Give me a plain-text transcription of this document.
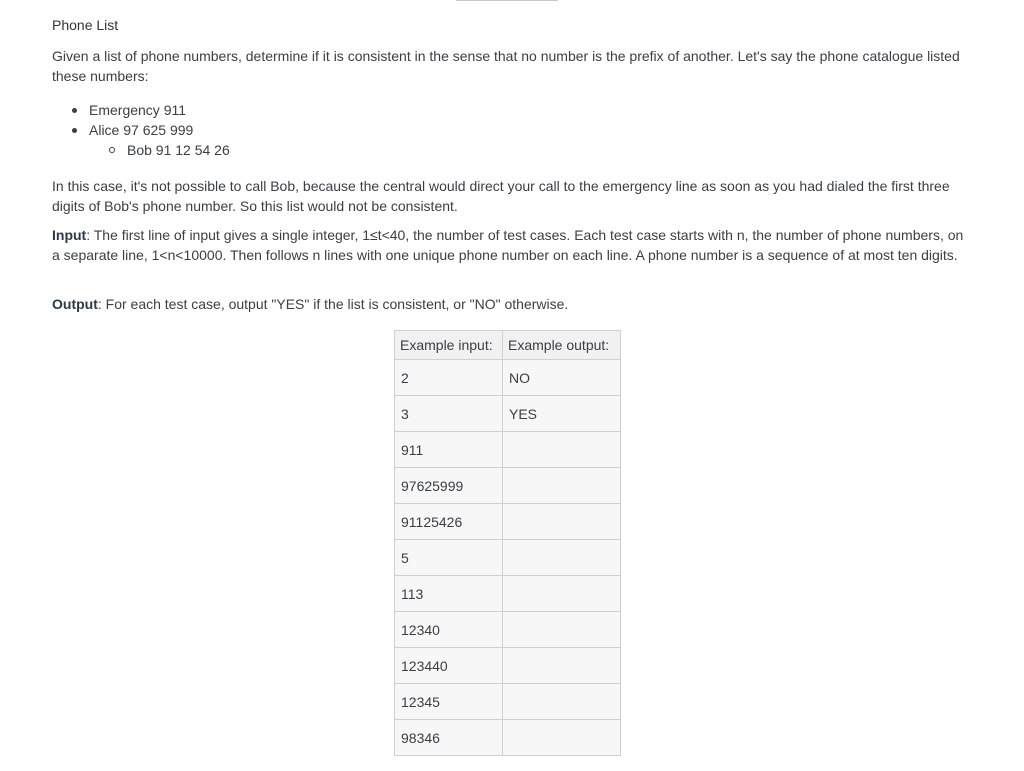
Phone List
Given a list of phone numbers, determine if it is consistent in the sense that no number is the prefix of another. Let's say the phone catalogue listed these numbers:
Emergency 911
Alice 97 625 999
Bob 91 12 54 26
In this case, it's not possible to call Bob, because the central would direct your call to the emergency line as soon as you had dialed the first three digits of Bob's phone number. So this list would not be consistent.
Input: The first line of input gives a single integer, 1≤t<40, the number of test cases. Each test case starts with n, the number of phone numbers, on a separate line, 1<n<10000. Then follows n lines with one unique phone number on each line. A phone number is a sequence of at most ten digits.
Output: For each test case, output "YES" if the list is consistent, or "NO" otherwise.
Example input:	Example output:
2	NO
3	YES
911	
97625999	
91125426	
5	
113	
12340	
123440	
12345	
98346	
